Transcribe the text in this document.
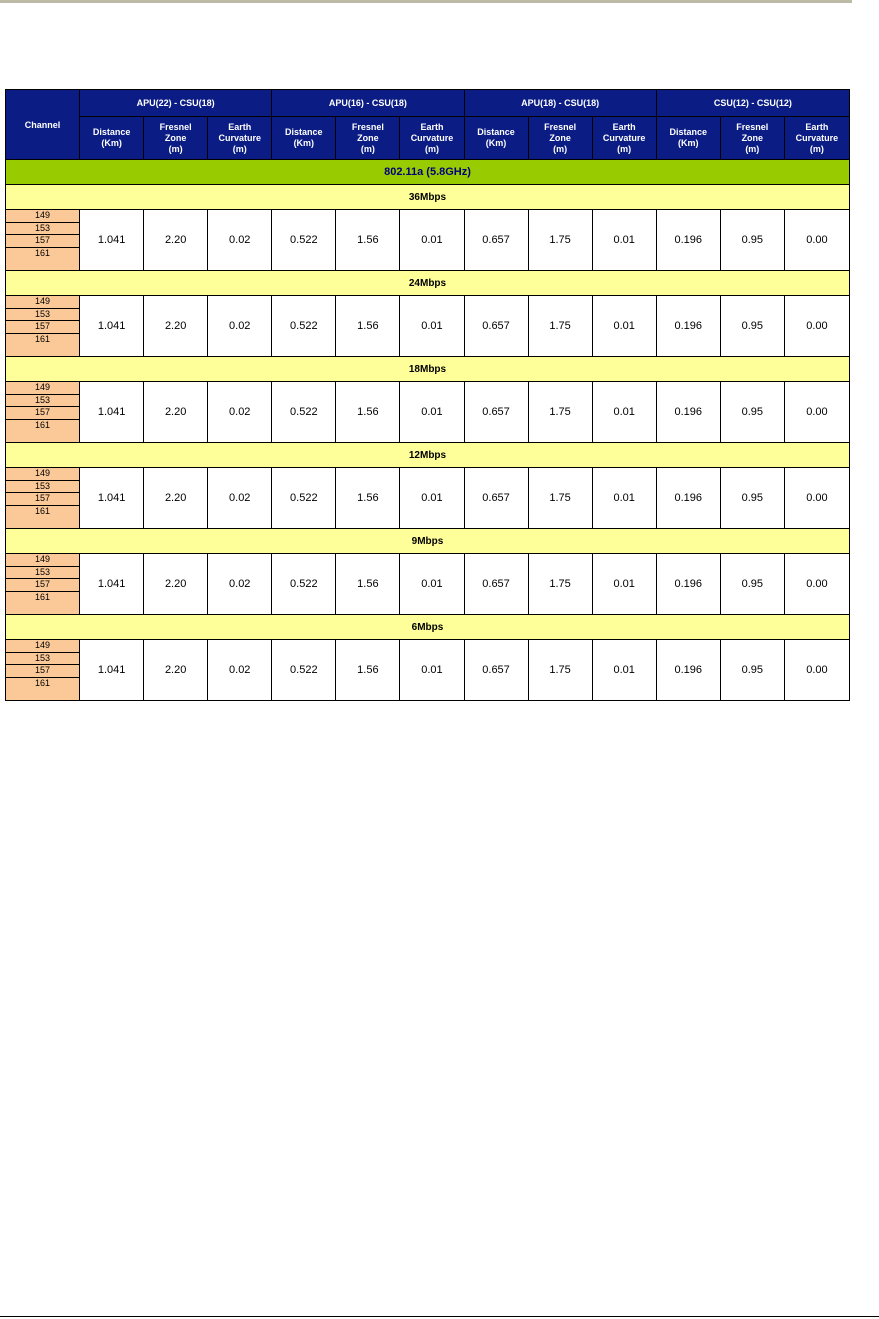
Channel	APU(22) - CSU(18)			APU(16) - CSU(18)			APU(18) - CSU(18)			CSU(12) - CSU(12)		
	Distance
(Km)	Fresnel
Zone
(m)	Earth
Curvature
(m)	Distance
(Km)	Fresnel
Zone
(m)	Earth
Curvature
(m)	Distance
(Km)	Fresnel
Zone
(m)	Earth
Curvature
(m)	Distance
(Km)	Fresnel
Zone
(m)	Earth
Curvature
(m)
802.11a (5.8GHz)												
36Mbps												

149
153
157
161	1.041	2.20	0.02	0.522	1.56	0.01	0.657	1.75	0.01	0.196	0.95	0.00
24Mbps												

149
153
157
161	1.041	2.20	0.02	0.522	1.56	0.01	0.657	1.75	0.01	0.196	0.95	0.00
18Mbps												

149
153
157
161	1.041	2.20	0.02	0.522	1.56	0.01	0.657	1.75	0.01	0.196	0.95	0.00
12Mbps												

149
153
157
161	1.041	2.20	0.02	0.522	1.56	0.01	0.657	1.75	0.01	0.196	0.95	0.00
9Mbps												

149
153
157
161	1.041	2.20	0.02	0.522	1.56	0.01	0.657	1.75	0.01	0.196	0.95	0.00
6Mbps												

149
153
157
161	1.041	2.20	0.02	0.522	1.56	0.01	0.657	1.75	0.01	0.196	0.95	0.00
